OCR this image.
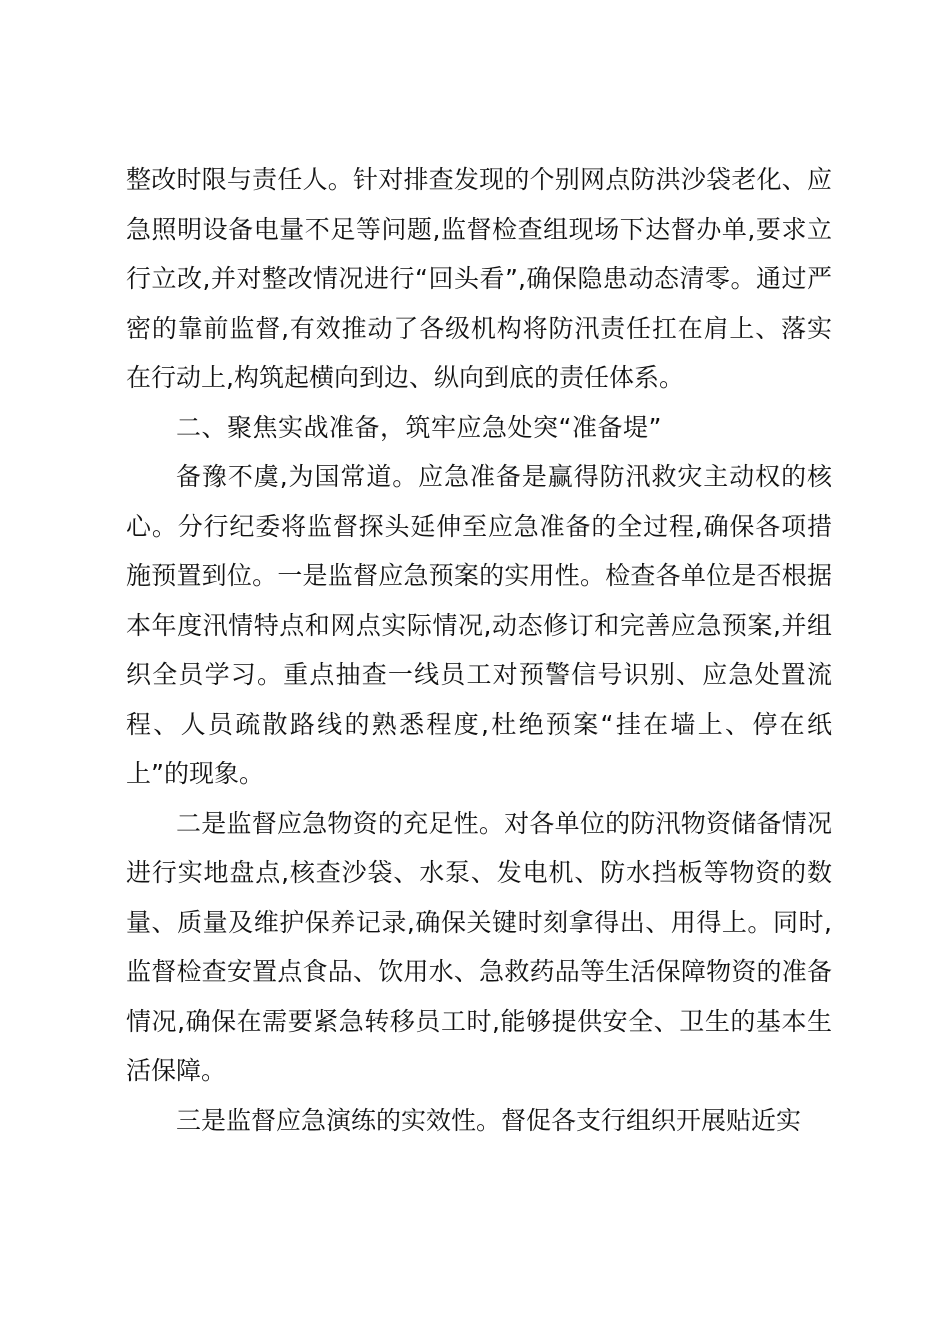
整改时限与责任人。针对排查发现的个别网点防洪沙袋老化、应急照明设备电量不足等问题,监督检查组现场下达督办单,要求立行立改,并对整改情况进行“回头看”,确保隐患动态清零。通过严密的靠前监督,有效推动了各级机构将防汛责任扛在肩上、落实在行动上,构筑起横向到边、纵向到底的责任体系。

二、聚焦实战准备，筑牢应急处突“准备堤”

备豫不虞,为国常道。应急准备是赢得防汛救灾主动权的核心。分行纪委将监督探头延伸至应急准备的全过程,确保各项措施预置到位。一是监督应急预案的实用性。检查各单位是否根据本年度汛情特点和网点实际情况,动态修订和完善应急预案,并组织全员学习。重点抽查一线员工对预警信号识别、应急处置流程、人员疏散路线的熟悉程度,杜绝预案“挂在墙上、停在纸上”的现象。

二是监督应急物资的充足性。对各单位的防汛物资储备情况进行实地盘点,核查沙袋、水泵、发电机、防水挡板等物资的数量、质量及维护保养记录,确保关键时刻拿得出、用得上。同时,监督检查安置点食品、饮用水、急救药品等生活保障物资的准备情况,确保在需要紧急转移员工时,能够提供安全、卫生的基本生活保障。

三是监督应急演练的实效性。督促各支行组织开展贴近实
